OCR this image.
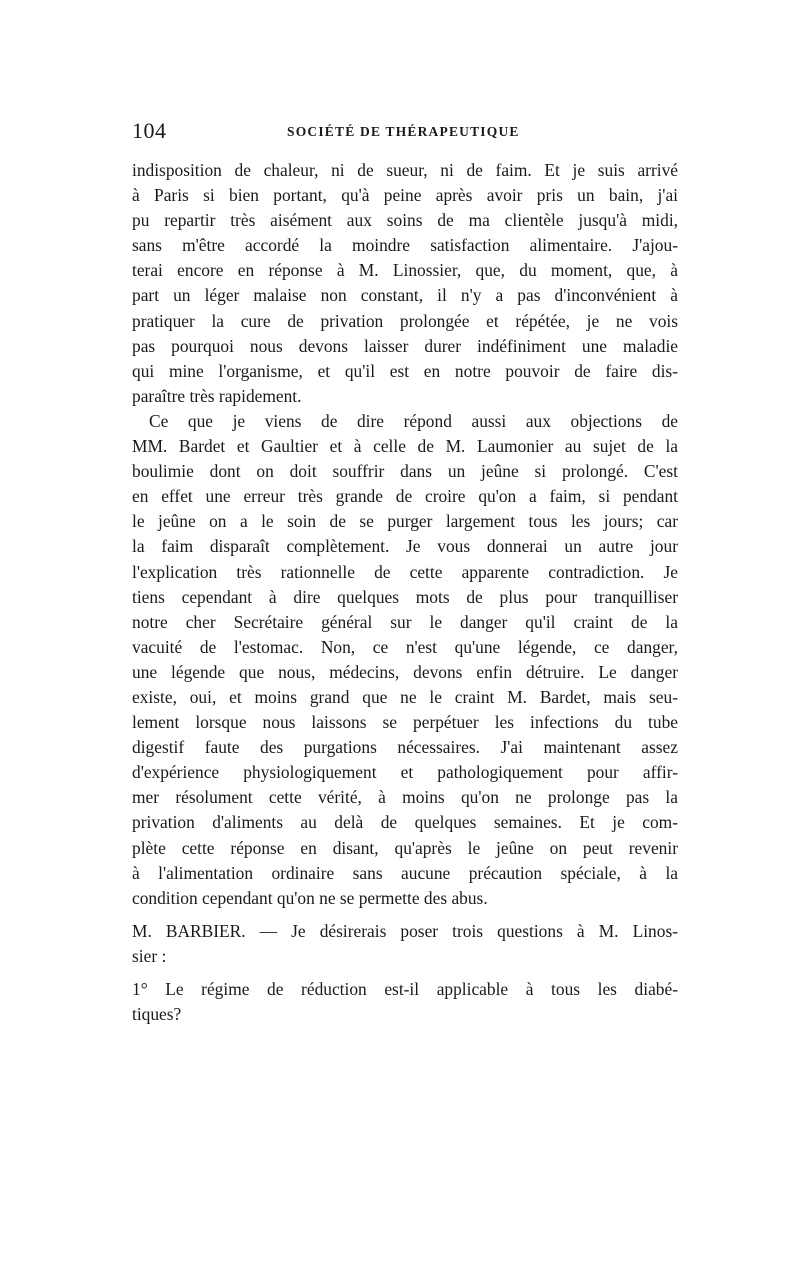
104	SOCIÉTÉ DE THÉRAPEUTIQUE
indisposition de chaleur, ni de sueur, ni de faim. Et je suis arrivé
à Paris si bien portant, qu'à peine après avoir pris un bain, j'ai
pu repartir très aisément aux soins de ma clientèle jusqu'à midi,
sans m'être accordé la moindre satisfaction alimentaire. J'ajou-
terai encore en réponse à M. Linossier, que, du moment, que, à
part un léger malaise non constant, il n'y a pas d'inconvénient à
pratiquer la cure de privation prolongée et répétée, je ne vois
pas pourquoi nous devons laisser durer indéfiniment une maladie
qui mine l'organisme, et qu'il est en notre pouvoir de faire dis-
paraître très rapidement.
Ce que je viens de dire répond aussi aux objections de
MM. Bardet et Gaultier et à celle de M. Laumonier au sujet de la
boulimie dont on doit souffrir dans un jeûne si prolongé. C'est
en effet une erreur très grande de croire qu'on a faim, si pendant
le jeûne on a le soin de se purger largement tous les jours; car
la faim disparaît complètement. Je vous donnerai un autre jour
l'explication très rationnelle de cette apparente contradiction. Je
tiens cependant à dire quelques mots de plus pour tranquilliser
notre cher Secrétaire général sur le danger qu'il craint de la
vacuité de l'estomac. Non, ce n'est qu'une légende, ce danger,
une légende que nous, médecins, devons enfin détruire. Le danger
existe, oui, et moins grand que ne le craint M. Bardet, mais seu-
lement lorsque nous laissons se perpétuer les infections du tube
digestif faute des purgations nécessaires. J'ai maintenant assez
d'expérience physiologiquement et pathologiquement pour affir-
mer résolument cette vérité, à moins qu'on ne prolonge pas la
privation d'aliments au delà de quelques semaines. Et je com-
plète cette réponse en disant, qu'après le jeûne on peut revenir
à l'alimentation ordinaire sans aucune précaution spéciale, à la
condition cependant qu'on ne se permette des abus.
M. BARBIER. — Je désirerais poser trois questions à M. Linos-
sier :
1° Le régime de réduction est-il applicable à tous les diabé-
tiques?
